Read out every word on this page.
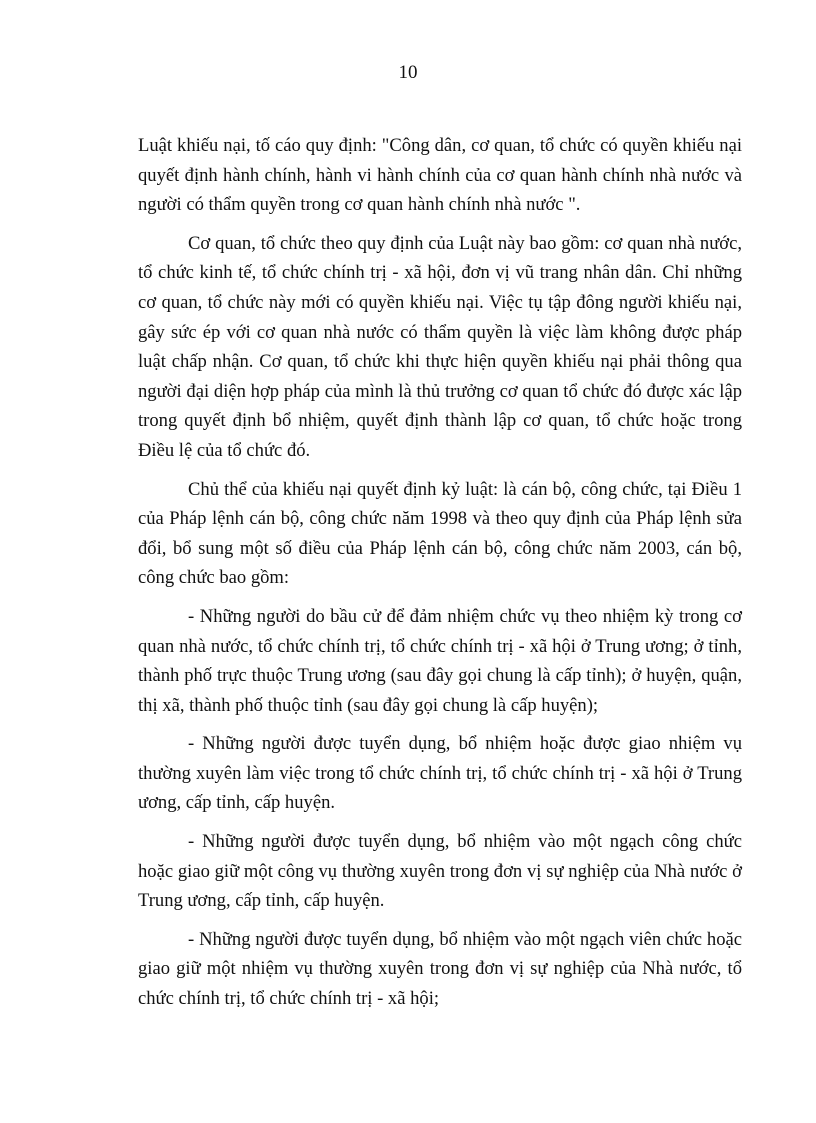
10

Luật khiếu nại, tố cáo quy định: "Công dân, cơ quan, tổ chức có quyền khiếu nại quyết định hành chính, hành vi hành chính của cơ quan hành chính nhà nước và người có thẩm quyền trong cơ quan hành chính nhà nước ".

Cơ quan, tổ chức theo quy định của Luật này bao gồm: cơ quan nhà nước, tổ chức kinh tế, tổ chức chính trị - xã hội, đơn vị vũ trang nhân dân. Chỉ những cơ quan, tổ chức này mới có quyền khiếu nại. Việc tụ tập đông người khiếu nại, gây sức ép với cơ quan nhà nước có thẩm quyền là việc làm không được pháp luật chấp nhận. Cơ quan, tổ chức khi thực hiện quyền khiếu nại phải thông qua người đại diện hợp pháp của mình là thủ trưởng cơ quan tổ chức đó được xác lập trong quyết định bổ nhiệm, quyết định thành lập cơ quan, tổ chức hoặc trong Điều lệ của tổ chức đó.

Chủ thể của khiếu nại quyết định kỷ luật: là cán bộ, công chức, tại Điều 1 của Pháp lệnh cán bộ, công chức năm 1998 và theo quy định của Pháp lệnh sửa đổi, bổ sung một số điều của Pháp lệnh cán bộ, công chức năm 2003, cán bộ, công chức bao gồm:

- Những người do bầu cử để đảm nhiệm chức vụ theo nhiệm kỳ trong cơ quan nhà nước, tổ chức chính trị, tổ chức chính trị - xã hội ở Trung ương; ở tỉnh, thành phố trực thuộc Trung ương (sau đây gọi chung là cấp tỉnh); ở huyện, quận, thị xã, thành phố thuộc tỉnh (sau đây gọi chung là cấp huyện);

- Những người được tuyển dụng, bổ nhiệm hoặc được giao nhiệm vụ thường xuyên làm việc trong tổ chức chính trị, tổ chức chính trị - xã hội ở Trung ương, cấp tỉnh, cấp huyện.

- Những người được tuyển dụng, bổ nhiệm vào một ngạch công chức hoặc giao giữ một công vụ thường xuyên trong đơn vị sự nghiệp của Nhà nước ở Trung ương, cấp tỉnh, cấp huyện.

- Những người được tuyển dụng, bổ nhiệm vào một ngạch viên chức hoặc giao giữ một nhiệm vụ thường xuyên trong đơn vị sự nghiệp của Nhà nước, tổ chức chính trị, tổ chức chính trị - xã hội;
